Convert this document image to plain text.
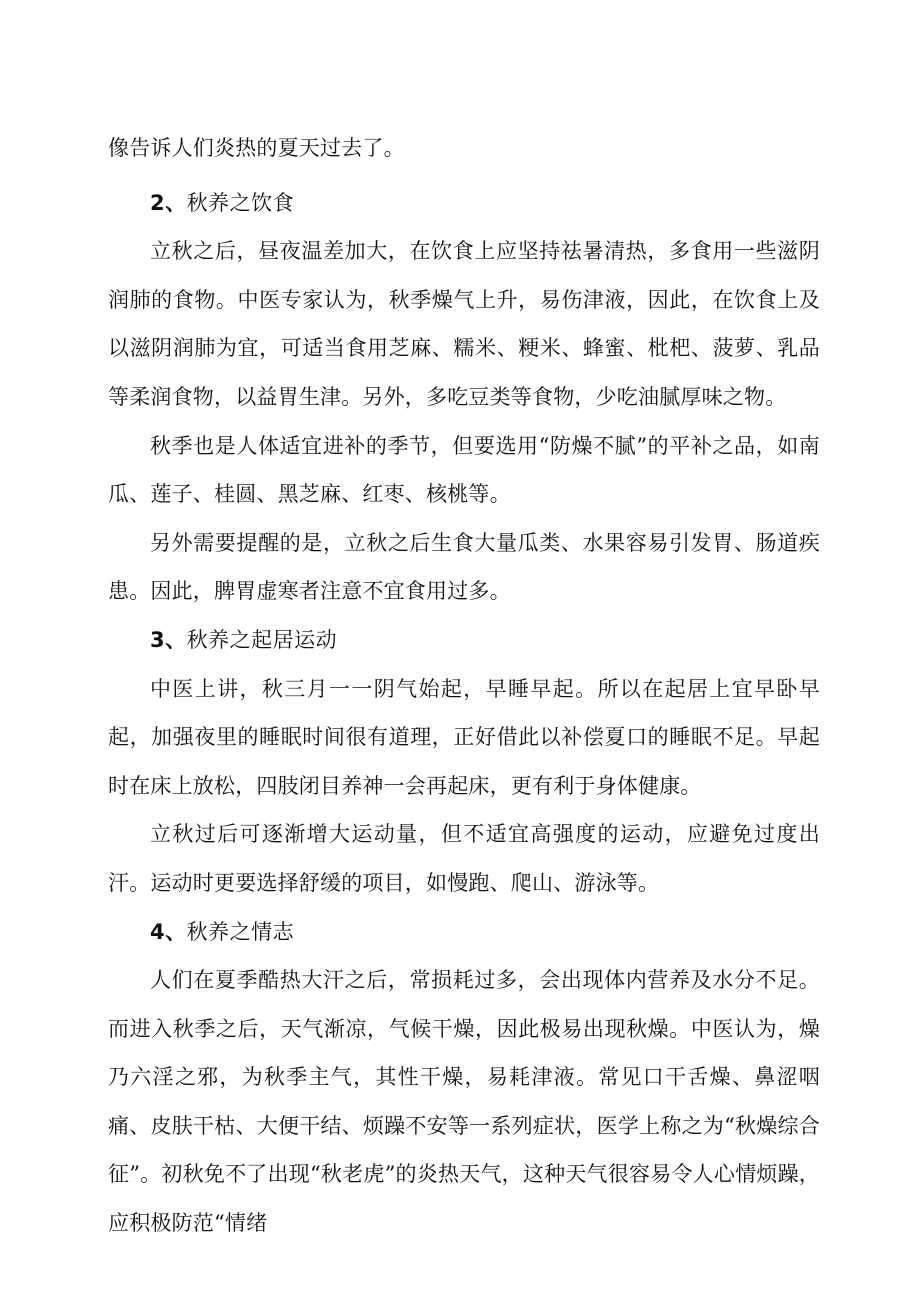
像告诉人们炎热的夏天过去了。

2、秋养之饮食

立秋之后，昼夜温差加大，在饮食上应坚持祛暑清热，多食用一些滋阴润肺的食物。中医专家认为，秋季燥气上升，易伤津液，因此，在饮食上及以滋阴润肺为宜，可适当食用芝麻、糯米、粳米、蜂蜜、枇杷、菠萝、乳品等柔润食物，以益胃生津。另外，多吃豆类等食物，少吃油腻厚味之物。

秋季也是人体适宜进补的季节，但要选用“防燥不腻”的平补之品，如南瓜、莲子、桂圆、黑芝麻、红枣、核桃等。

另外需要提醒的是，立秋之后生食大量瓜类、水果容易引发胃、肠道疾患。因此，脾胃虚寒者注意不宜食用过多。

3、秋养之起居运动

中医上讲，秋三月一一阴气始起，早睡早起。所以在起居上宜早卧早起，加强夜里的睡眠时间很有道理，正好借此以补偿夏口的睡眠不足。早起时在床上放松，四肢闭目养神一会再起床，更有利于身体健康。

立秋过后可逐渐增大运动量，但不适宜高强度的运动，应避免过度出汗。运动时更要选择舒缓的项目，如慢跑、爬山、游泳等。

4、秋养之情志

人们在夏季酷热大汗之后，常损耗过多，会出现体内营养及水分不足。而进入秋季之后，天气渐凉，气候干燥，因此极易出现秋燥。中医认为，燥乃六淫之邪，为秋季主气，其性干燥，易耗津液。常见口干舌燥、鼻涩咽痛、皮肤干枯、大便干结、烦躁不安等一系列症状，医学上称之为“秋燥综合征”。初秋免不了出现“秋老虎”的炎热天气，这种天气很容易令人心情烦躁，应积极防范“情绪
